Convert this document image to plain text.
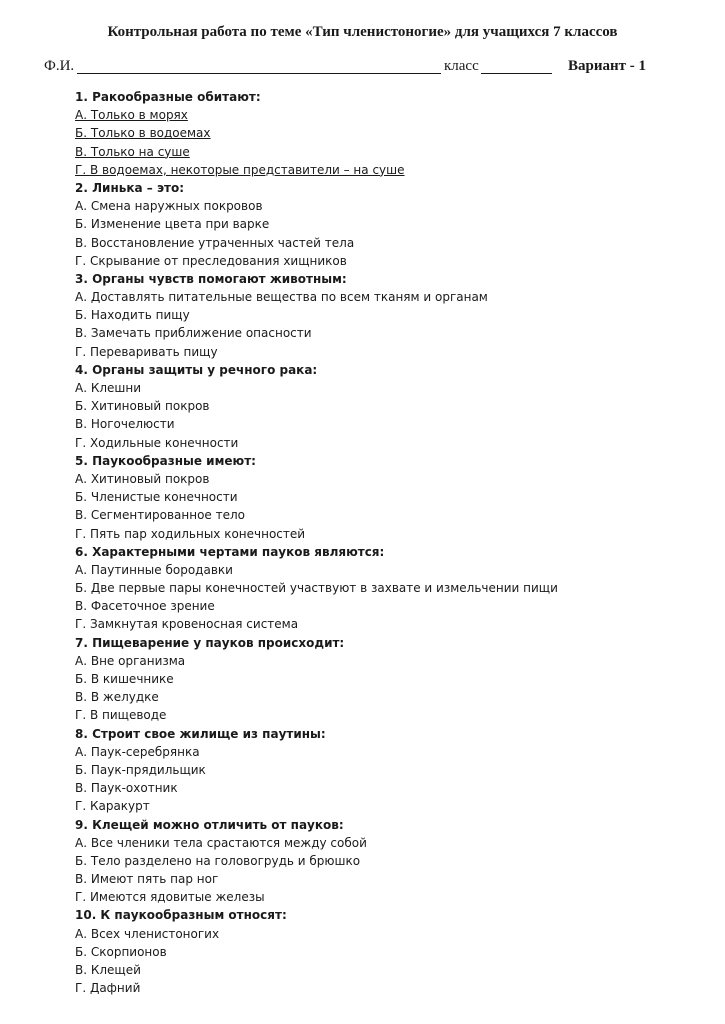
Контрольная работа по теме «Тип членистоногие» для учащихся 7 классов
Ф.И.	класс	Вариант - 1
1. Ракообразные обитают:
А. Только в морях
Б. Только в водоемах
В. Только на суше
Г. В водоемах, некоторые представители – на суше
2. Линька – это:
А. Смена наружных покровов
Б. Изменение цвета при варке
В. Восстановление утраченных частей тела
Г. Скрывание от преследования хищников
3. Органы чувств помогают животным:
А. Доставлять питательные вещества по всем тканям и органам
Б. Находить пищу
В. Замечать приближение опасности
Г. Переваривать пищу
4. Органы защиты у речного рака:
А. Клешни
Б. Хитиновый покров
В. Ногочелюсти
Г. Ходильные конечности
5. Паукообразные имеют:
А. Хитиновый покров
Б. Членистые конечности
В. Сегментированное тело
Г. Пять пар ходильных конечностей
6. Характерными чертами пауков являются:
А. Паутинные бородавки
Б. Две первые пары конечностей участвуют в захвате и измельчении пищи
В. Фасеточное зрение
Г. Замкнутая кровеносная система
7. Пищеварение у пауков происходит:
А. Вне организма
Б. В кишечнике
В. В желудке
Г. В пищеводе
8. Строит свое жилище из паутины:
А. Паук-серебрянка
Б. Паук-прядильщик
В. Паук-охотник
Г. Каракурт
9. Клещей можно отличить от пауков:
А. Все членики тела срастаются между собой
Б. Тело разделено на головогрудь и брюшко
В. Имеют пять пар ног
Г. Имеются ядовитые железы
10. К паукообразным относят:
А. Всех членистоногих
Б. Скорпионов
В. Клещей
Г. Дафний
